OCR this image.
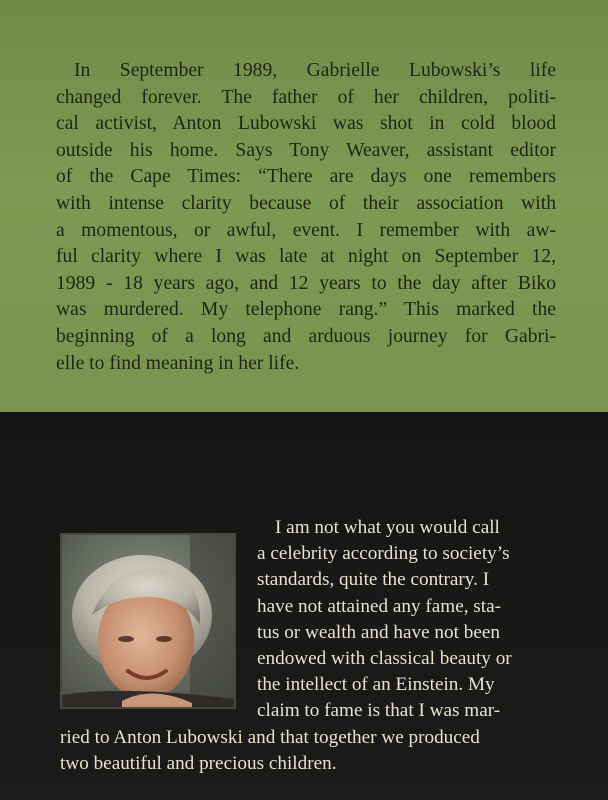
In September 1989, Gabrielle Lubowski’s life
changed forever. The father of her children, politi-
cal activist, Anton Lubowski was shot in cold blood
outside his home. Says Tony Weaver, assistant editor
of the Cape Times: “There are days one remembers
with intense clarity because of their association with
a momentous, or awful, event. I remember with aw-
ful clarity where I was late at night on September 12,
1989 - 18 years ago, and 12 years to the day after Biko
was murdered. My telephone rang.” This marked the
beginning of a long and arduous journey for Gabri-
elle to find meaning in her life.
I am not what you would call
a celebrity according to society’s
standards, quite the contrary. I
have not attained any fame, sta-
tus or wealth and have not been
endowed with classical beauty or
the intellect of an Einstein. My
claim to fame is that I was mar-
ried to Anton Lubowski and that together we produced
two beautiful and precious children.
